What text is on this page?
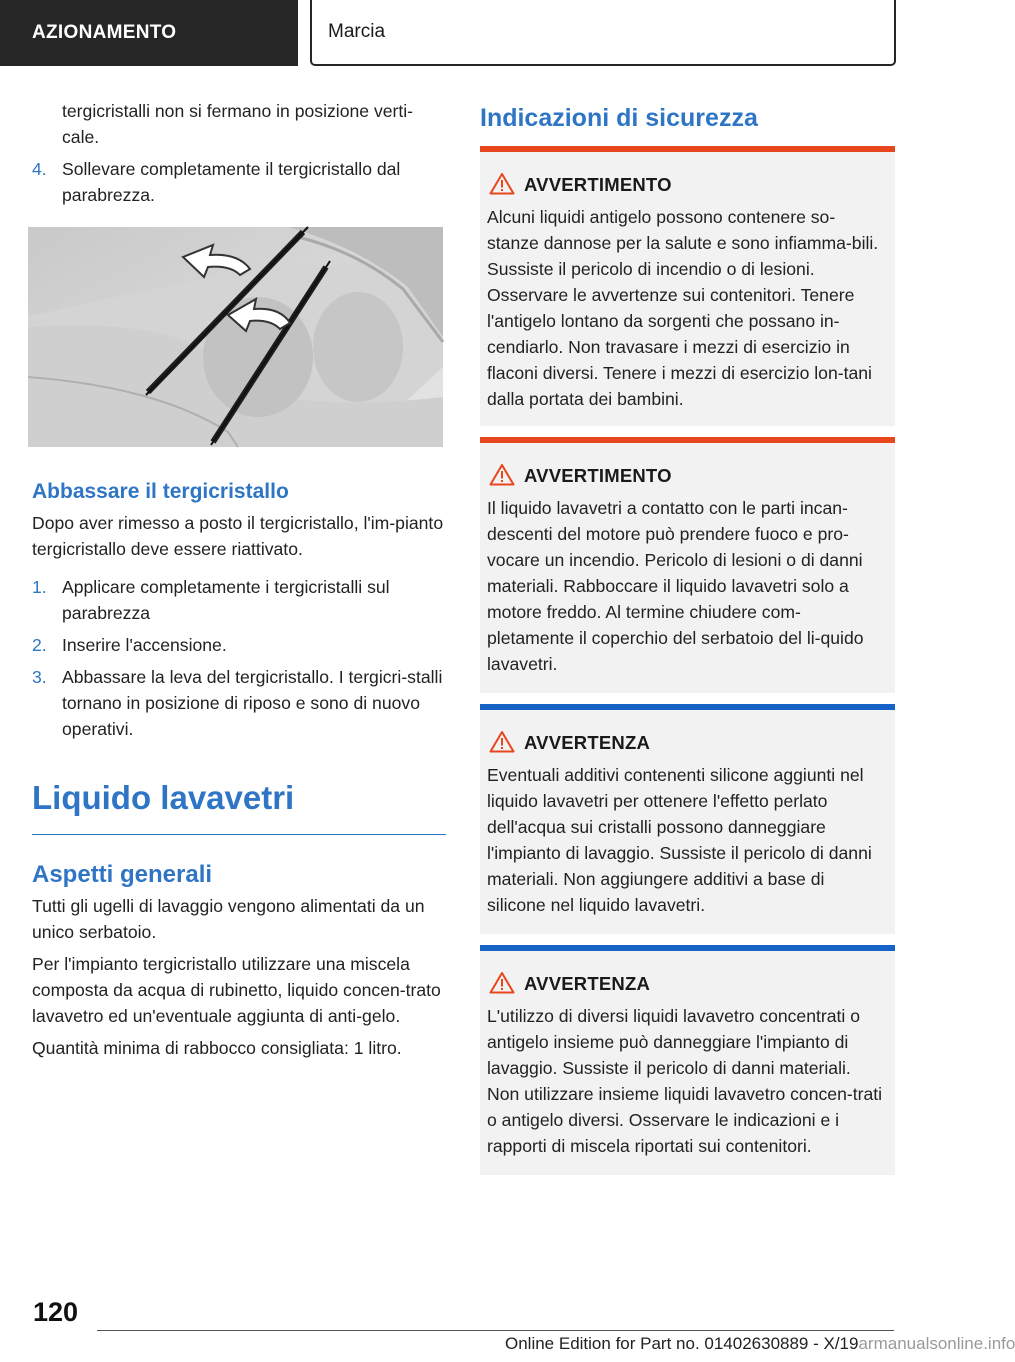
AZIONAMENTO	Marcia
tergicristalli non si fermano in posizione verti-
cale.
4. Sollevare completamente il tergicristallo dal parabrezza.
Abbassare il tergicristallo
Dopo aver rimesso a posto il tergicristallo, l'im-pianto tergicristallo deve essere riattivato.
1. Applicare completamente i tergicristalli sul parabrezza
2. Inserire l'accensione.
3. Abbassare la leva del tergicristallo. I tergicri-stalli tornano in posizione di riposo e sono di nuovo operativi.
Liquido lavavetri
Aspetti generali
Tutti gli ugelli di lavaggio vengono alimentati da un unico serbatoio.
Per l'impianto tergicristallo utilizzare una miscela composta da acqua di rubinetto, liquido concen-trato lavavetro ed un'eventuale aggiunta di anti-gelo.
Quantità minima di rabbocco consigliata: 1 litro.
Indicazioni di sicurezza
AVVERTIMENTO
Alcuni liquidi antigelo possono contenere so-stanze dannose per la salute e sono infiamma-bili. Sussiste il pericolo di incendio o di lesioni. Osservare le avvertenze sui contenitori. Tenere l'antigelo lontano da sorgenti che possano in-cendiarlo. Non travasare i mezzi di esercizio in flaconi diversi. Tenere i mezzi di esercizio lon-tani dalla portata dei bambini.
AVVERTIMENTO
Il liquido lavavetri a contatto con le parti incan-descenti del motore può prendere fuoco e pro-vocare un incendio. Pericolo di lesioni o di danni materiali. Rabboccare il liquido lavavetri solo a motore freddo. Al termine chiudere com-pletamente il coperchio del serbatoio del li-quido lavavetri.
AVVERTENZA
Eventuali additivi contenenti silicone aggiunti nel liquido lavavetri per ottenere l'effetto perlato dell'acqua sui cristalli possono danneggiare l'impianto di lavaggio. Sussiste il pericolo di danni materiali. Non aggiungere additivi a base di silicone nel liquido lavavetri.
AVVERTENZA
L'utilizzo di diversi liquidi lavavetro concentrati o antigelo insieme può danneggiare l'impianto di lavaggio. Sussiste il pericolo di danni materiali. Non utilizzare insieme liquidi lavavetro concen-trati o antigelo diversi. Osservare le indicazioni e i rapporti di miscela riportati sui contenitori.
120
Online Edition for Part no. 01402630889 - X/19armanualsonline.info
